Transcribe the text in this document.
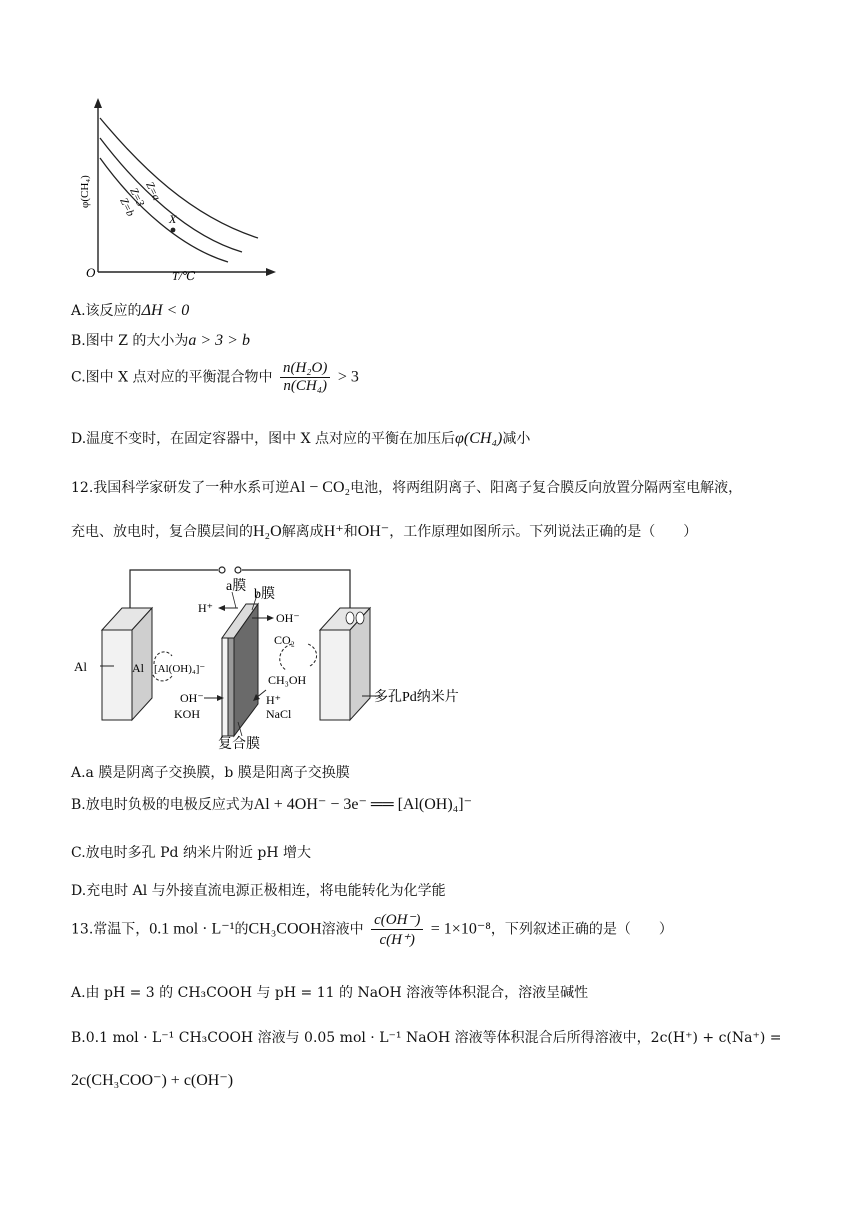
O	T/℃
φ(CH₄)	Z=a
Z=3
Z=b
X
A.该反应的ΔH < 0
B.图中 Z 的大小为a > 3 > b
C.图中 X 点对应的平衡混合物中 $\frac{\text{n(H₂O)}}{\text{n(CH₄)}} > 3$
D.温度不变时，在固定容器中，图中 X 点对应的平衡在加压后φ(CH₄)减小
12.我国科学家研发了一种水系可逆Al − CO₂电池，将两组阴离子、阳离子复合膜反向放置分隔两室电解液，
充电、放电时，复合膜层间的H₂O解离成H⁺和OH⁻，工作原理如图所示。下列说法正确的是（　　）
a膜
b膜
H⁺
OH⁻
CO₂
CH₃OH
Al [Al(OH)₄]⁻
Al
OH⁻
KOH
H⁺
NaCl
多孔Pd纳米片
复合膜
A.a 膜是阴离子交换膜，b 膜是阳离子交换膜
B.放电时负极的电极反应式为Al + 4OH⁻ − 3e⁻ ══ [Al(OH)₄]⁻
C.放电时多孔 Pd 纳米片附近 pH 增大
D.充电时 Al 与外接直流电源正极相连，将电能转化为化学能
13.常温下，0.1 mol · L⁻¹的CH₃COOH溶液中 $\frac{c(OH^-)}{c(H^+)} = 1\times 10^{-8}$，下列叙述正确的是（　　）
A.由 pH = 3 的 CH₃COOH 与 pH = 11 的 NaOH 溶液等体积混合，溶液呈碱性
B.0.1 mol · L⁻¹ CH₃COOH 溶液与 0.05 mol · L⁻¹ NaOH 溶液等体积混合后所得溶液中，2c(H⁺) + c(Na⁺) =
2c(CH₃COO⁻) + c(OH⁻)
